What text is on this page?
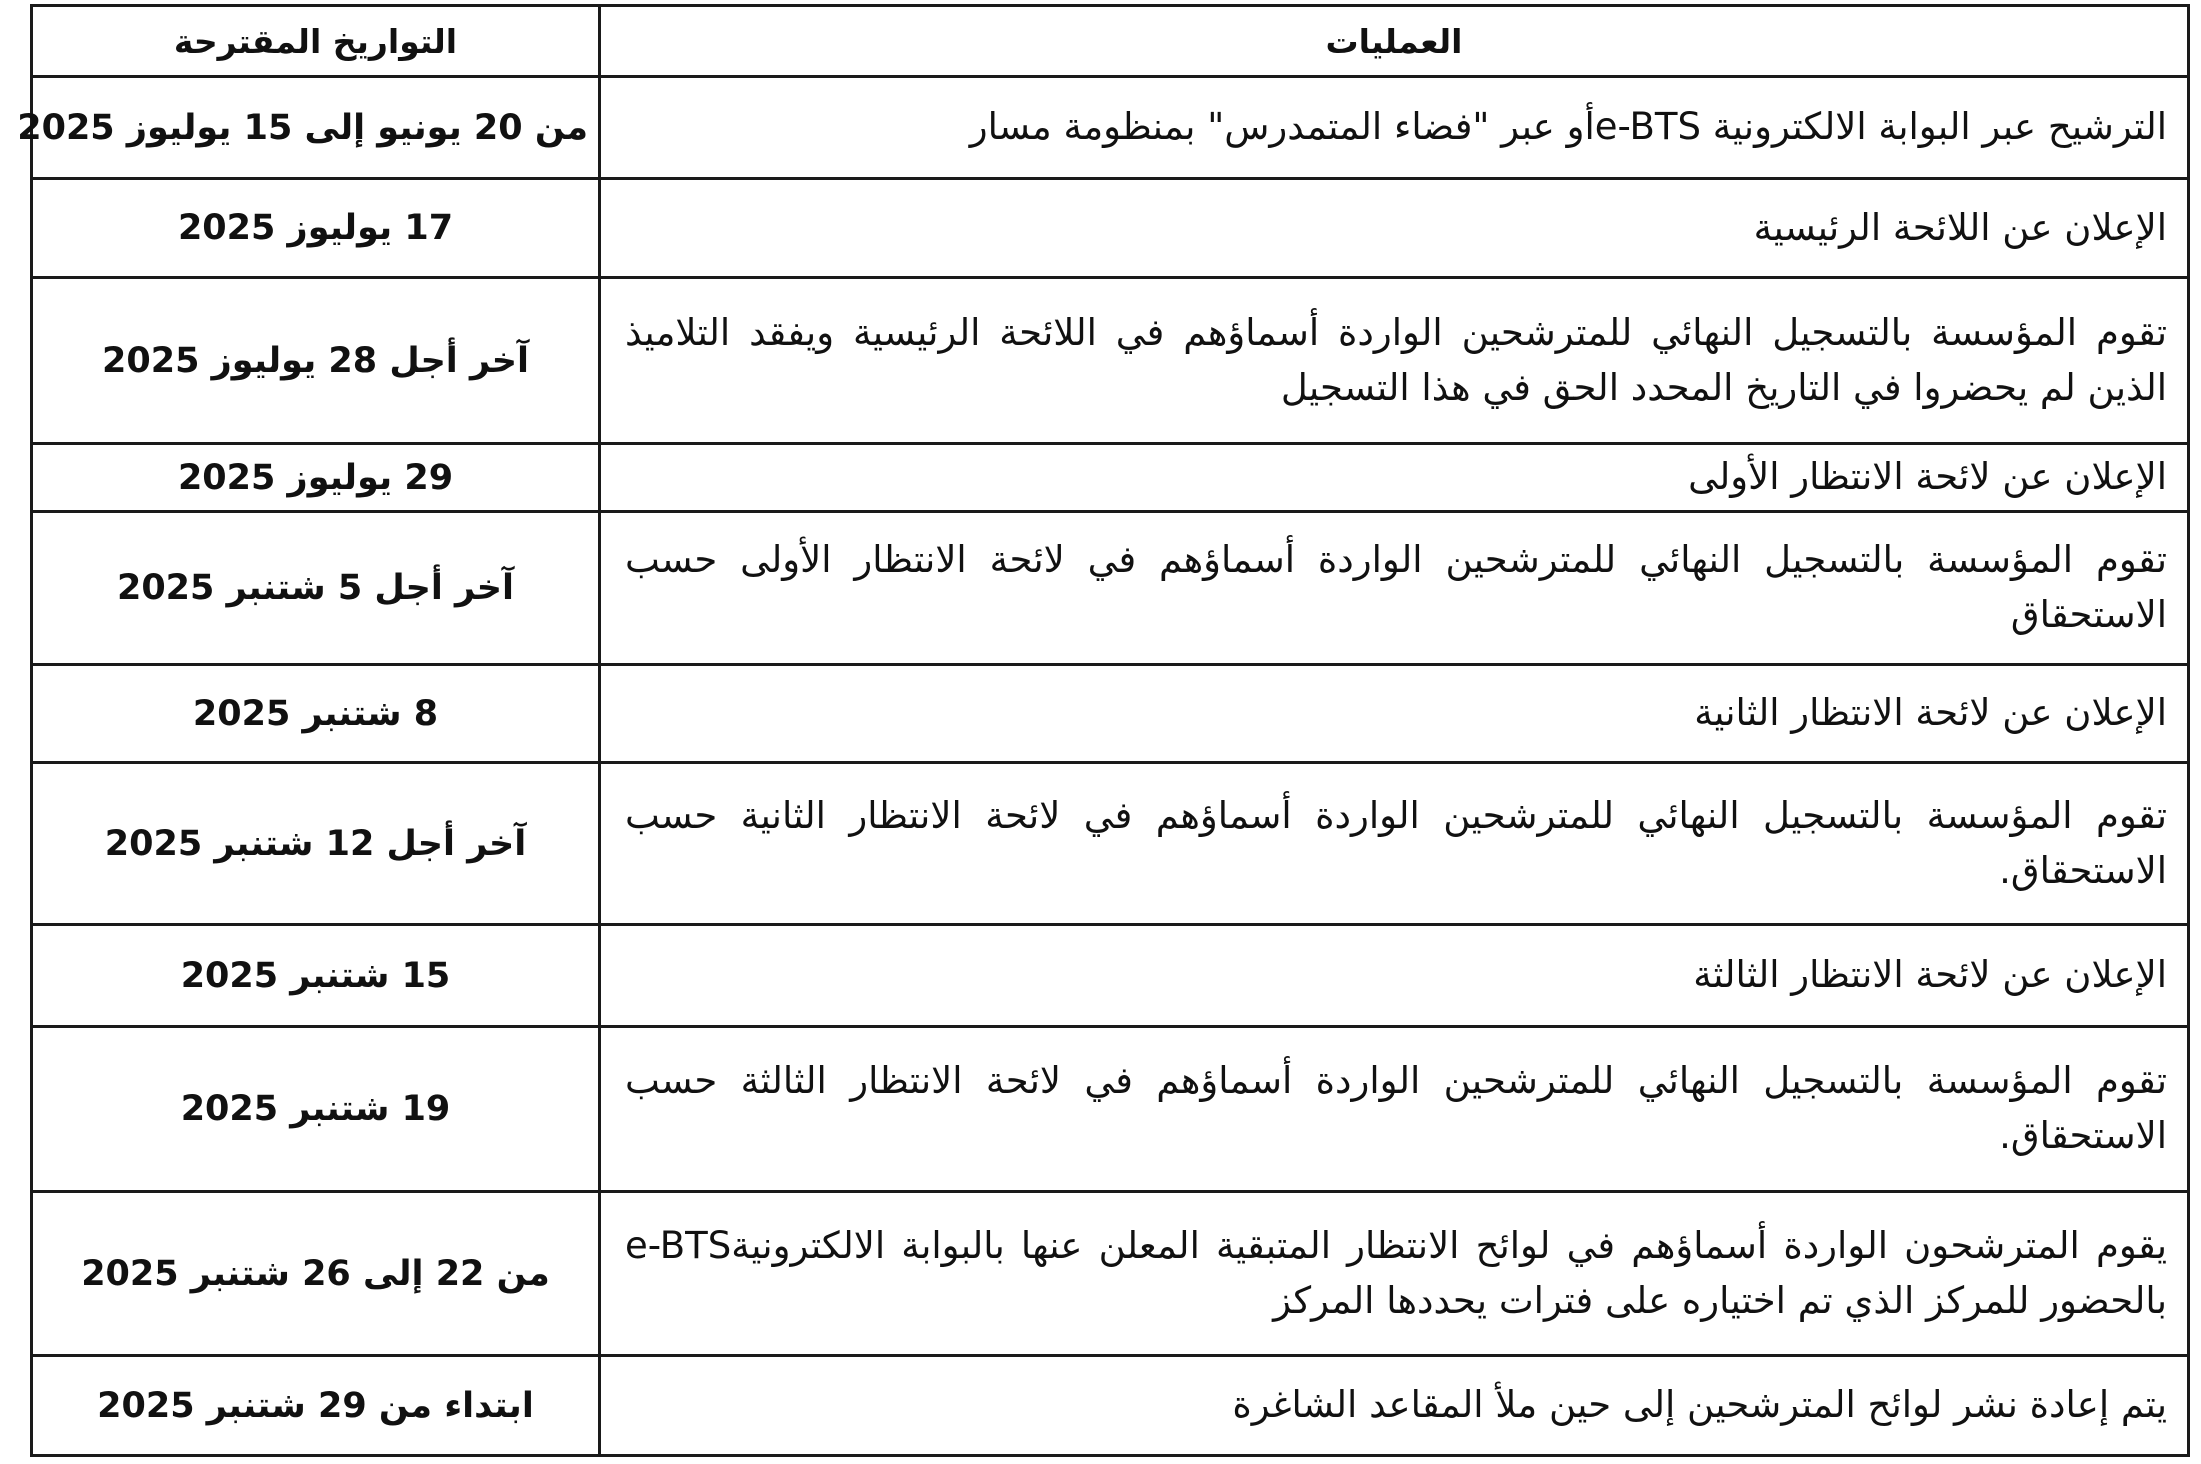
العمليات	التواريخ المقترحة
الترشيح عبر البوابة الالكترونية e-BTSأو عبر "فضاء المتمدرس" بمنظومة مسار	من 20 يونيو إلى 15 يوليوز 2025
الإعلان عن اللائحة الرئيسية	17 يوليوز 2025
تقوم المؤسسة بالتسجيل النهائي للمترشحين الواردة أسماؤهم في اللائحة الرئيسية ويفقد التلاميذ الذين لم يحضروا في التاريخ المحدد الحق في هذا التسجيل	آخر أجل 28 يوليوز 2025
الإعلان عن لائحة الانتظار الأولى	29 يوليوز 2025
تقوم المؤسسة بالتسجيل النهائي للمترشحين الواردة أسماؤهم في لائحة الانتظار الأولى حسب الاستحقاق	آخر أجل 5 شتنبر 2025
الإعلان عن لائحة الانتظار الثانية	8 شتنبر 2025
تقوم المؤسسة بالتسجيل النهائي للمترشحين الواردة أسماؤهم في لائحة الانتظار الثانية حسب الاستحقاق.	آخر أجل 12 شتنبر 2025
الإعلان عن لائحة الانتظار الثالثة	15 شتنبر 2025
تقوم المؤسسة بالتسجيل النهائي للمترشحين الواردة أسماؤهم في لائحة الانتظار الثالثة حسب الاستحقاق.	19 شتنبر 2025
يقوم المترشحون الواردة أسماؤهم في لوائح الانتظار المتبقية المعلن عنها بالبوابة الالكترونيةe-BTS بالحضور للمركز الذي تم اختياره على فترات يحددها المركز	من 22 إلى 26 شتنبر 2025
يتم إعادة نشر لوائح المترشحين إلى حين ملأ المقاعد الشاغرة	ابتداء من 29 شتنبر 2025
